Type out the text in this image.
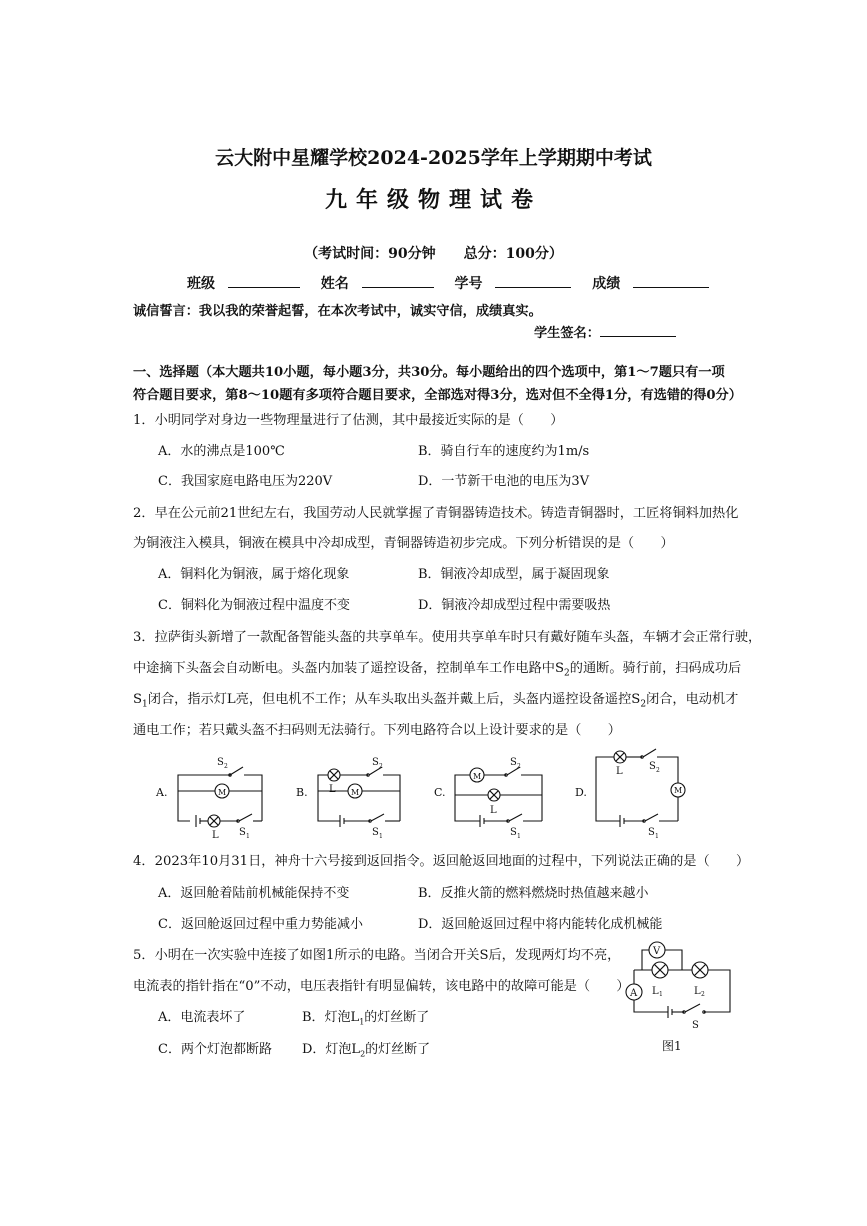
云大附中星耀学校2024-2025学年上学期期中考试
九年级物理试卷
（考试时间：90分钟　　总分：100分）
班级	姓名	学号	成绩
诚信誓言：我以我的荣誉起誓，在本次考试中，诚实守信，成绩真实。
学生签名：
一、选择题（本大题共10小题，每小题3分，共30分。每小题给出的四个选项中，第1～7题只有一项
符合题目要求，第8～10题有多项符合题目要求，全部选对得3分，选对但不全得1分，有选错的得0分）
1．小明同学对身边一些物理量进行了估测，其中最接近实际的是（　　）
A．水的沸点是100℃	B．骑自行车的速度约为1m/s
C．我国家庭电路电压为220V	D．一节新干电池的电压为3V
2．早在公元前21世纪左右，我国劳动人民就掌握了青铜器铸造技术。铸造青铜器时，工匠将铜料加热化
为铜液注入模具，铜液在模具中冷却成型，青铜器铸造初步完成。下列分析错误的是（　　）
A．铜料化为铜液，属于熔化现象	B．铜液冷却成型，属于凝固现象
C．铜料化为铜液过程中温度不变	D．铜液冷却成型过程中需要吸热
3．拉萨街头新增了一款配备智能头盔的共享单车。使用共享单车时只有戴好随车头盔，车辆才会正常行驶，
中途摘下头盔会自动断电。头盔内加装了遥控设备，控制单车工作电路中$S_2$的通断。骑行前，扫码成功后
$S_1$闭合，指示灯L亮，但电机不工作；从车头取出头盔并戴上后，头盔内遥控设备遥控$S_2$闭合，电动机才
通电工作；若只戴头盔不扫码则无法骑行。下列电路符合以上设计要求的是（　　）
A.	B.	C.	D.
M
S 2
L S 1
M
L
S 2
S 1
M
S 2
L
S 1
L	S 2
M
S 1
4．2023年10月31日，神舟十六号接到返回指令。返回舱返回地面的过程中，下列说法正确的是（　　）
A．返回舱着陆前机械能保持不变	B．反推火箭的燃料燃烧时热值越来越小
C．返回舱返回过程中重力势能减小	D．返回舱返回过程中将内能转化成机械能
5．小明在一次实验中连接了如图1所示的电路。当闭合开关S后，发现两灯均不亮，
电流表的指针指在“0”不动，电压表指针有明显偏转，该电路中的故障可能是（　　）
A．电流表坏了	B．灯泡$L_1$的灯丝断了
C．两个灯泡都断路 D．灯泡$L_2$的灯丝断了
V
A L 1	L 2
S
图1
